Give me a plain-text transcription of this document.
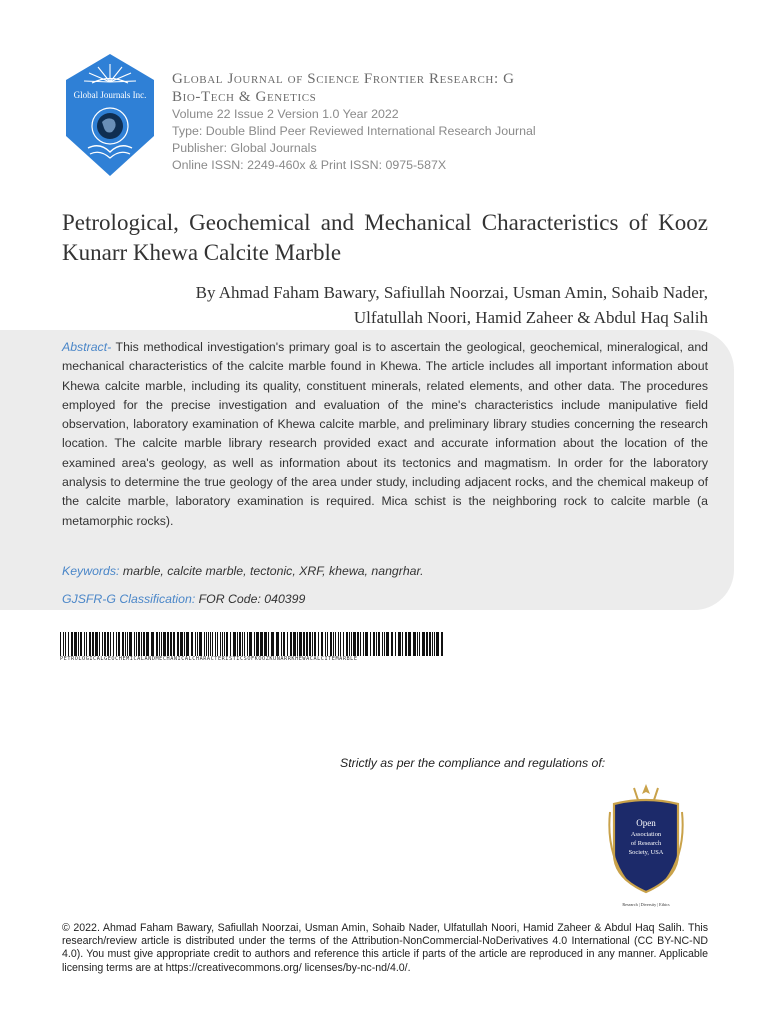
Global Journals Inc.
Global Journal of Science Frontier Research: G
Bio-Tech & Genetics
Volume 22 Issue 2 Version 1.0 Year 2022
Type: Double Blind Peer Reviewed International Research Journal
Publisher: Global Journals
Online ISSN: 2249-460x & Print ISSN: 0975-587X
Petrological, Geochemical and Mechanical Characteristics of Kooz Kunarr Khewa Calcite Marble
By Ahmad Faham Bawary, Safiullah Noorzai, Usman Amin, Sohaib Nader,
Ulfatullah Noori, Hamid Zaheer & Abdul Haq Salih
Abstract- This methodical investigation's primary goal is to ascertain the geological, geochemical, mineralogical, and mechanical characteristics of the calcite marble found in Khewa. The article includes all important information about Khewa calcite marble, including its quality, constituent minerals, related elements, and other data. The procedures employed for the precise investigation and evaluation of the mine's characteristics include manipulative field observation, laboratory examination of Khewa calcite marble, and preliminary library studies concerning the research location. The calcite marble library research provided exact and accurate information about the location of the examined area's geology, as well as information about its tectonics and magmatism. In order for the laboratory analysis to determine the true geology of the area under study, including adjacent rocks, and the chemical makeup of the calcite marble, laboratory examination is required. Mica schist is the neighboring rock to calcite marble (a metamorphic rocks).
Keywords: marble, calcite marble, tectonic, XRF, khewa, nangrhar.
GJSFR-G Classification: FOR Code: 040399
PETROLOGICALGEOCHEMICALANDMECHANICALCHARACTERISTICSOFKOOZKUNARRKHEWACALCITEMARBLE
Strictly as per the compliance and regulations of:
Open
Association
of Research
Society, USA
Research | Diversity | Ethics
© 2022. Ahmad Faham Bawary, Safiullah Noorzai, Usman Amin, Sohaib Nader, Ulfatullah Noori, Hamid Zaheer & Abdul Haq Salih. This research/review article is distributed under the terms of the Attribution-NonCommercial-NoDerivatives 4.0 International (CC BY-NC-ND 4.0). You must give appropriate credit to authors and reference this article if parts of the article are reproduced in any manner. Applicable licensing terms are at https://creativecommons.org/ licenses/by-nc-nd/4.0/.
